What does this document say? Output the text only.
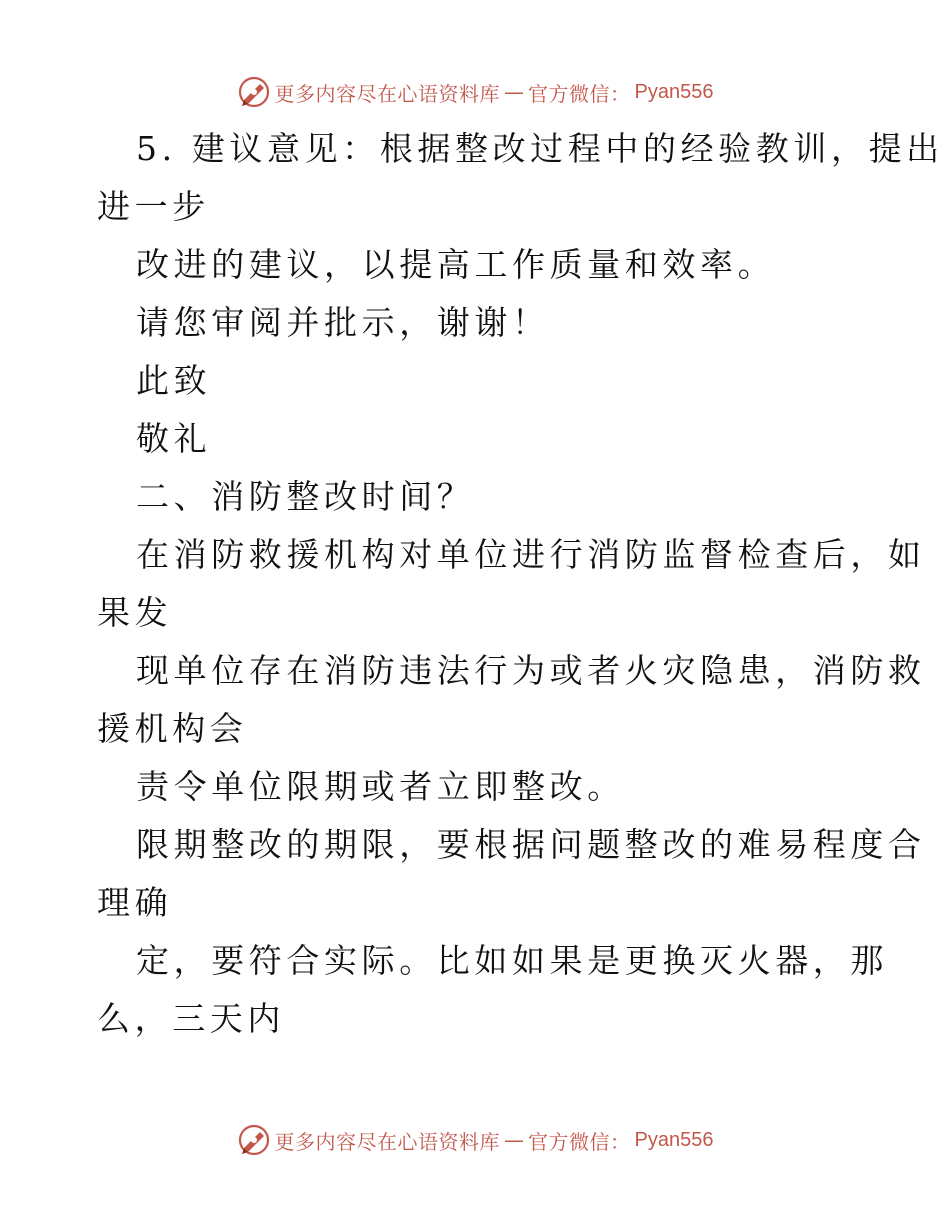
更多内容尽在心语资料库 — 官方微信： Pyan556
5. 建议意见：根据整改过程中的经验教训，提出
进一步
改进的建议，以提高工作质量和效率。
请您审阅并批示，谢谢！
此致
敬礼
二、消防整改时间？
在消防救援机构对单位进行消防监督检查后，如
果发
现单位存在消防违法行为或者火灾隐患，消防救
援机构会
责令单位限期或者立即整改。
限期整改的期限，要根据问题整改的难易程度合
理确
定，要符合实际。比如如果是更换灭火器，那
么，三天内
更多内容尽在心语资料库 — 官方微信： Pyan556
